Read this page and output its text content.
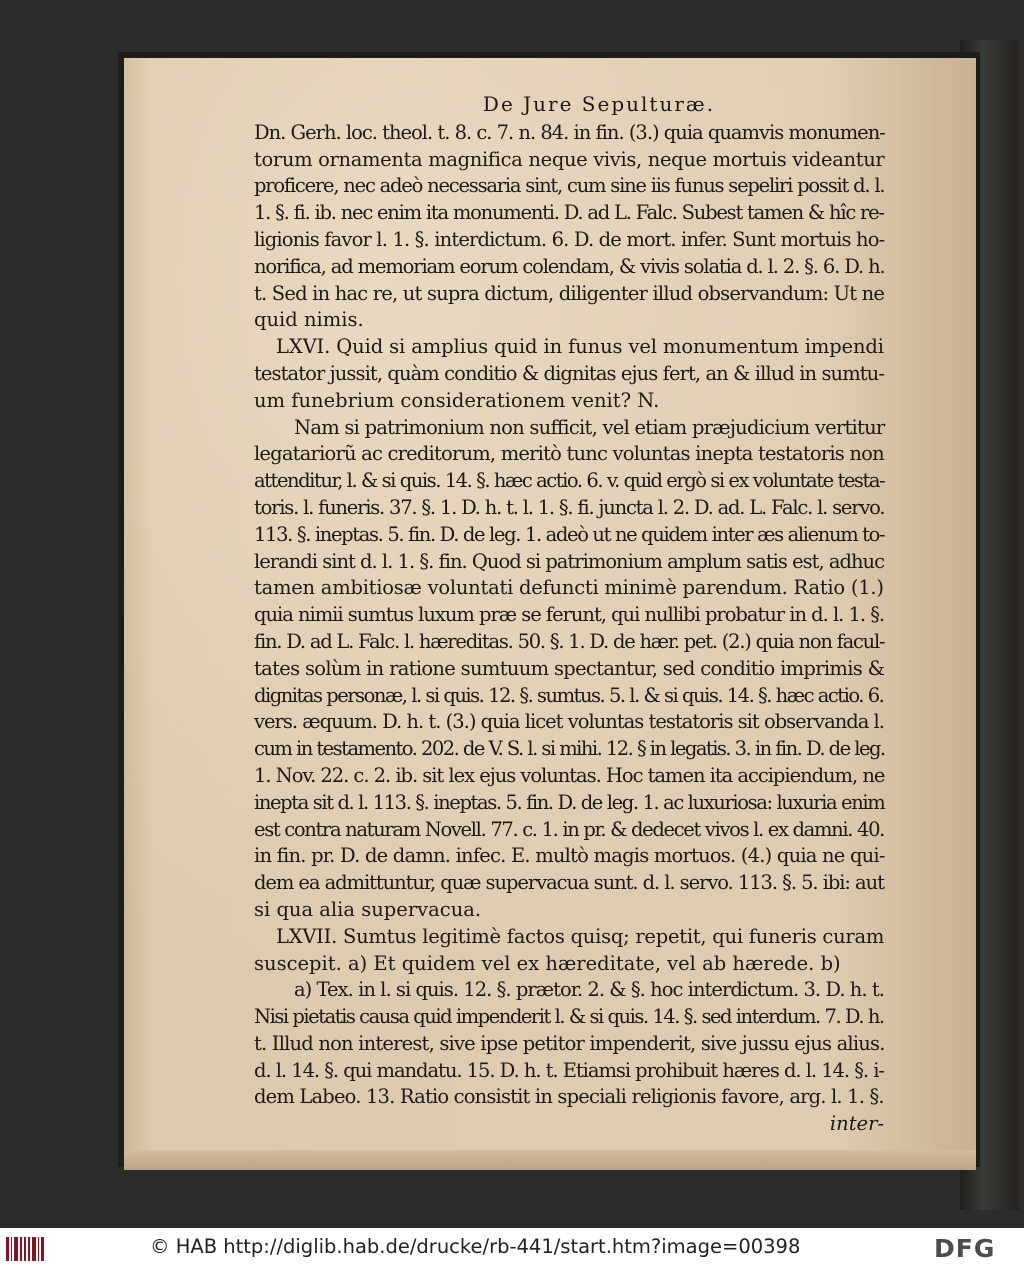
De Jure Sepulturæ.
Dn. Gerh. loc. theol. t. 8. c. 7. n. 84. in fin. (3.) quia quamvis monumen-
torum ornamenta magnifica neque vivis, neque mortuis videantur
proficere, nec adeò necessaria sint, cum sine iis funus sepeliri possit d. l.
1. §. fi. ib. nec enim ita monumenti. D. ad L. Falc. Subest tamen & hîc re-
ligionis favor l. 1. §. interdictum. 6. D. de mort. infer. Sunt mortuis ho-
norifica, ad memoriam eorum colendam, & vivis solatia d. l. 2. §. 6. D. h.
t. Sed in hac re, ut supra dictum, diligenter illud observandum: Ut ne
quid nimis.
LXVI. Quid si amplius quid in funus vel monumentum impendi
testator jussit, quàm conditio & dignitas ejus fert, an & illud in sumtu-
um funebrium considerationem venit? N.
Nam si patrimonium non sufficit, vel etiam præjudicium vertitur
legatariorũ ac creditorum, meritò tunc voluntas inepta testatoris non
attenditur, l. & si quis. 14. §. hæc actio. 6. v. quid ergò si ex voluntate testa-
toris. l. funeris. 37. §. 1. D. h. t. l. 1. §. fi. juncta l. 2. D. ad. L. Falc. l. servo.
113. §. ineptas. 5. fin. D. de leg. 1. adeò ut ne quidem inter æs alienum to-
lerandi sint d. l. 1. §. fin. Quod si patrimonium amplum satis est, adhuc
tamen ambitiosæ voluntati defuncti minimè parendum. Ratio (1.)
quia nimii sumtus luxum præ se ferunt, qui nullibi probatur in d. l. 1. §.
fin. D. ad L. Falc. l. hæreditas. 50. §. 1. D. de hær. pet. (2.) quia non facul-
tates solùm in ratione sumtuum spectantur, sed conditio imprimis &
dignitas personæ, l. si quis. 12. §. sumtus. 5. l. & si quis. 14. §. hæc actio. 6.
vers. æquum. D. h. t. (3.) quia licet voluntas testatoris sit observanda l.
cum in testamento. 202. de V. S. l. si mihi. 12. § in legatis. 3. in fin. D. de leg.
1. Nov. 22. c. 2. ib. sit lex ejus voluntas. Hoc tamen ita accipiendum, ne
inepta sit d. l. 113. §. ineptas. 5. fin. D. de leg. 1. ac luxuriosa: luxuria enim
est contra naturam Novell. 77. c. 1. in pr. & dedecet vivos l. ex damni. 40.
in fin. pr. D. de damn. infec. E. multò magis mortuos. (4.) quia ne qui-
dem ea admittuntur, quæ supervacua sunt. d. l. servo. 113. §. 5. ibi: aut
si qua alia supervacua.
LXVII. Sumtus legitimè factos quisq; repetit, qui funeris curam
suscepit. a) Et quidem vel ex hæreditate, vel ab hærede. b)
a) Tex. in l. si quis. 12. §. prætor. 2. & §. hoc interdictum. 3. D. h. t.
Nisi pietatis causa quid impenderit l. & si quis. 14. §. sed interdum. 7. D. h.
t. Illud non interest, sive ipse petitor impenderit, sive jussu ejus alius.
d. l. 14. §. qui mandatu. 15. D. h. t. Etiamsi prohibuit hæres d. l. 14. §. i-
dem Labeo. 13. Ratio consistit in speciali religionis favore, arg. l. 1. §.
inter-
© HAB http://diglib.hab.de/drucke/rb-441/start.htm?image=00398	DFG
